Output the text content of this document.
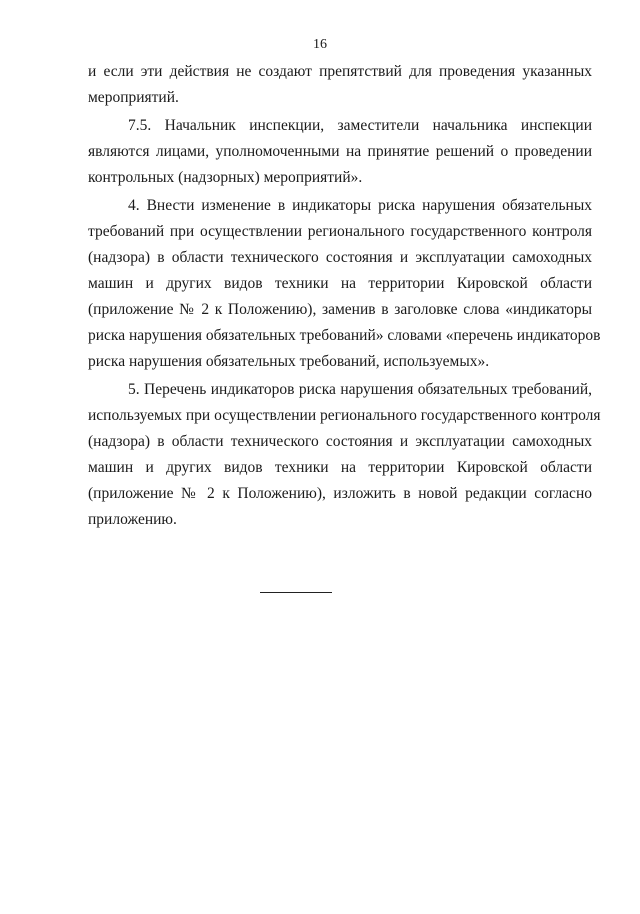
16
и если эти действия не создают препятствий для проведения указанных
мероприятий.
7.5. Начальник инспекции, заместители начальника инспекции
являются лицами, уполномоченными на принятие решений о проведении
контрольных (надзорных) мероприятий».
4. Внести изменение в индикаторы риска нарушения обязательных
требований при осуществлении регионального государственного контроля
(надзора) в области технического состояния и эксплуатации самоходных
машин и других видов техники на территории Кировской области
(приложение № 2 к Положению), заменив в заголовке слова «индикаторы
риска нарушения обязательных требований» словами «перечень индикаторов
риска нарушения обязательных требований, используемых».
5. Перечень индикаторов риска нарушения обязательных требований,
используемых при осуществлении регионального государственного контроля
(надзора) в области технического состояния и эксплуатации самоходных
машин и других видов техники на территории Кировской области
(приложение № 2 к Положению), изложить в новой редакции согласно
приложению.
